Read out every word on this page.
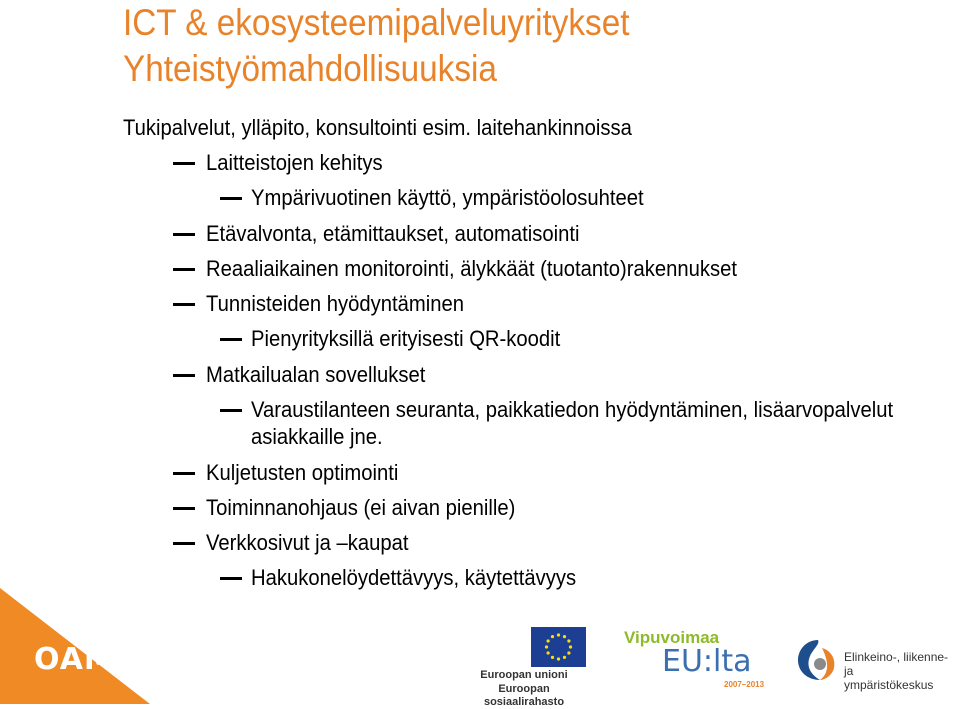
ICT & ekosysteemipalveluyritykset
Yhteistyömahdollisuuksia
Tukipalvelut, ylläpito, konsultointi esim. laitehankinnoissa
Laitteistojen kehitys
Ympärivuotinen käyttö, ympäristöolosuhteet
Etävalvonta, etämittaukset, automatisointi
Reaaliaikainen monitorointi, älykkäät (tuotanto)rakennukset
Tunnisteiden hyödyntäminen
Pienyrityksillä erityisesti QR-koodit
Matkailualan sovellukset
Varaustilanteen seuranta, paikkatiedon hyödyntäminen, lisäarvopalvelut
asiakkaille jne.
Kuljetusten optimointi
Toiminnanohjaus (ei aivan pienille)
Verkkosivut ja –kaupat
Hakukonelöydettävyys, käytettävyys
OAMK	Euroopan unioni
Euroopan sosiaalirahasto
Vipuvoimaa
EU:lta
2007–2013
Elinkeino-, liikenne- ja
ympäristökeskus
